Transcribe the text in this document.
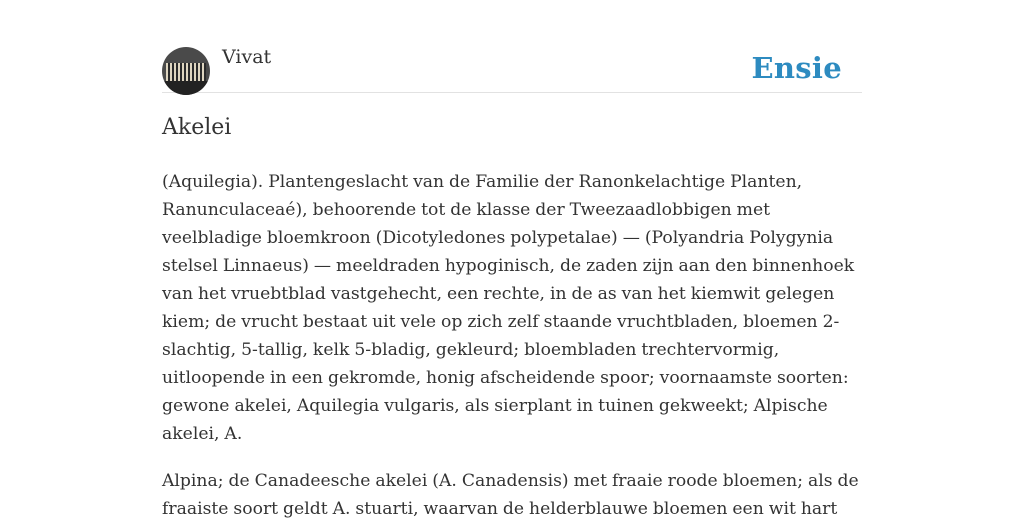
Vivat	Ensie
Akelei

(Aquilegia). Plantengeslacht van de Familie der Ranonkelachtige Planten, Ranunculaceaé), behoorende tot de klasse der Tweezaadlobbigen met veelbladige bloemkroon (Dicotyledones polypetalae) — (Polyandria Polygynia stelsel Linnaeus) — meeldraden hypoginisch, de zaden zijn aan den binnenhoek van het vruebtblad vastgehecht, een rechte, in de as van het kiemwit gelegen kiem; de vrucht bestaat uit vele op zich zelf staande vruchtbladen, bloemen 2-slachtig, 5-tallig, kelk 5-bladig, gekleurd; bloembladen trechtervormig, uitloopende in een gekromde, honig afscheidende spoor; voornaamste soorten: gewone akelei, Aquilegia vulgaris, als sierplant in tuinen gekweekt; Alpische akelei, A.

Alpina; de Canadeesche akelei (A. Canadensis) met fraaie roode bloemen; als de fraaiste soort geldt A. stuarti, waarvan de helderblauwe bloemen een wit hart
